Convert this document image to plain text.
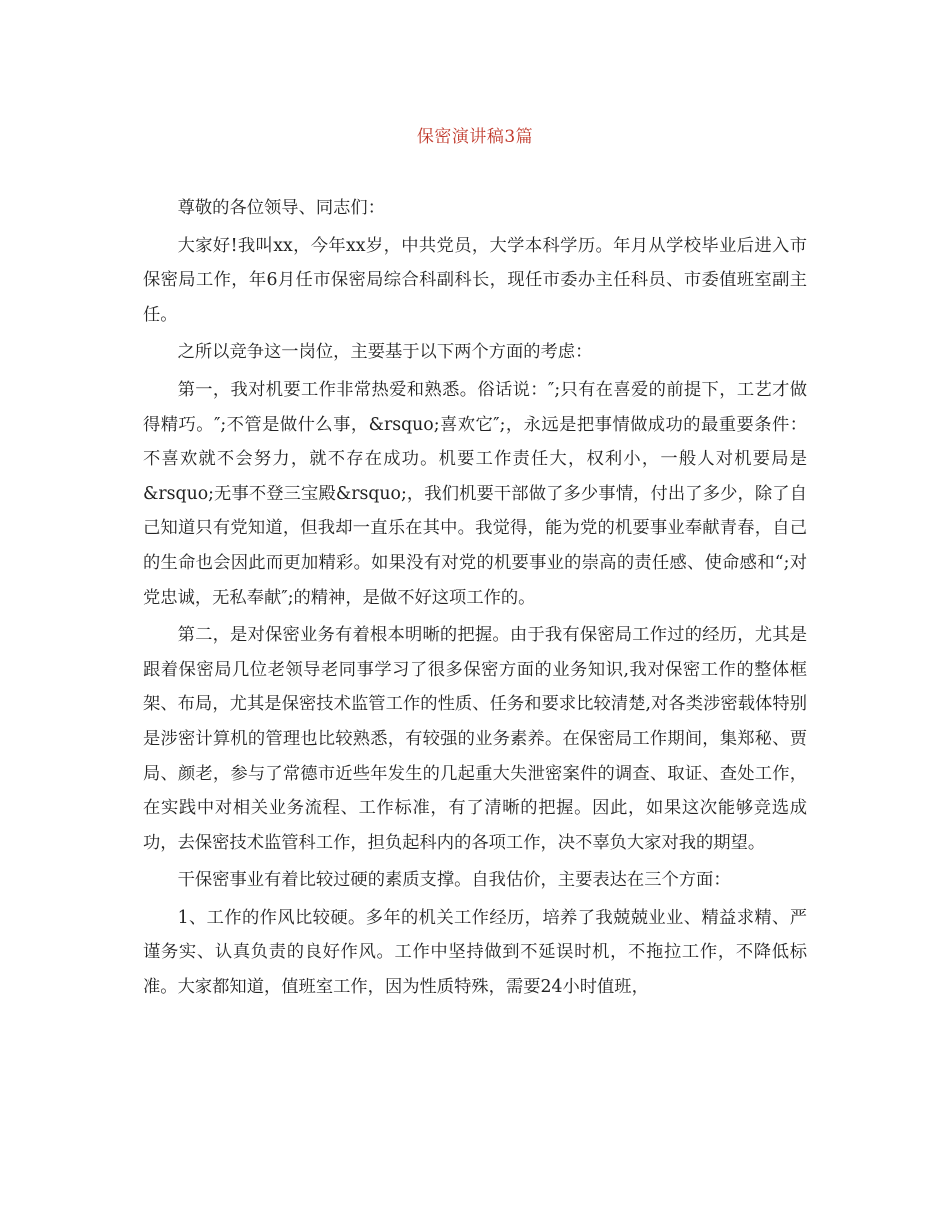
保密演讲稿3篇

尊敬的各位领导、同志们：

大家好!我叫xx，今年xx岁，中共党员，大学本科学历。年月从学校毕业后进入市保密局工作，年6月任市保密局综合科副科长，现任市委办主任科员、市委值班室副主任。

之所以竞争这一岗位，主要基于以下两个方面的考虑：

第一，我对机要工作非常热爱和熟悉。俗话说：″;只有在喜爱的前提下，工艺才做得精巧。″;不管是做什么事，&rsquo;喜欢它″;，永远是把事情做成功的最重要条件：不喜欢就不会努力，就不存在成功。机要工作责任大，权利小，一般人对机要局是&rsquo;无事不登三宝殿&rsquo;，我们机要干部做了多少事情，付出了多少，除了自己知道只有党知道，但我却一直乐在其中。我觉得，能为党的机要事业奉献青春，自己的生命也会因此而更加精彩。如果没有对党的机要事业的崇高的责任感、使命感和“;对党忠诚，无私奉献″;的精神，是做不好这项工作的。

第二，是对保密业务有着根本明晰的把握。由于我有保密局工作过的经历，尤其是跟着保密局几位老领导老同事学习了很多保密方面的业务知识,我对保密工作的整体框架、布局，尤其是保密技术监管工作的性质、任务和要求比较清楚,对各类涉密载体特别是涉密计算机的管理也比较熟悉，有较强的业务素养。在保密局工作期间，集郑秘、贾局、颜老，参与了常德市近些年发生的几起重大失泄密案件的调查、取证、查处工作，在实践中对相关业务流程、工作标准，有了清晰的把握。因此，如果这次能够竞选成功，去保密技术监管科工作，担负起科内的各项工作，决不辜负大家对我的期望。

干保密事业有着比较过硬的素质支撑。自我估价，主要表达在三个方面：

1、工作的作风比较硬。多年的机关工作经历，培养了我兢兢业业、精益求精、严谨务实、认真负责的良好作风。工作中坚持做到不延误时机，不拖拉工作，不降低标准。大家都知道，值班室工作，因为性质特殊，需要24小时值班，
